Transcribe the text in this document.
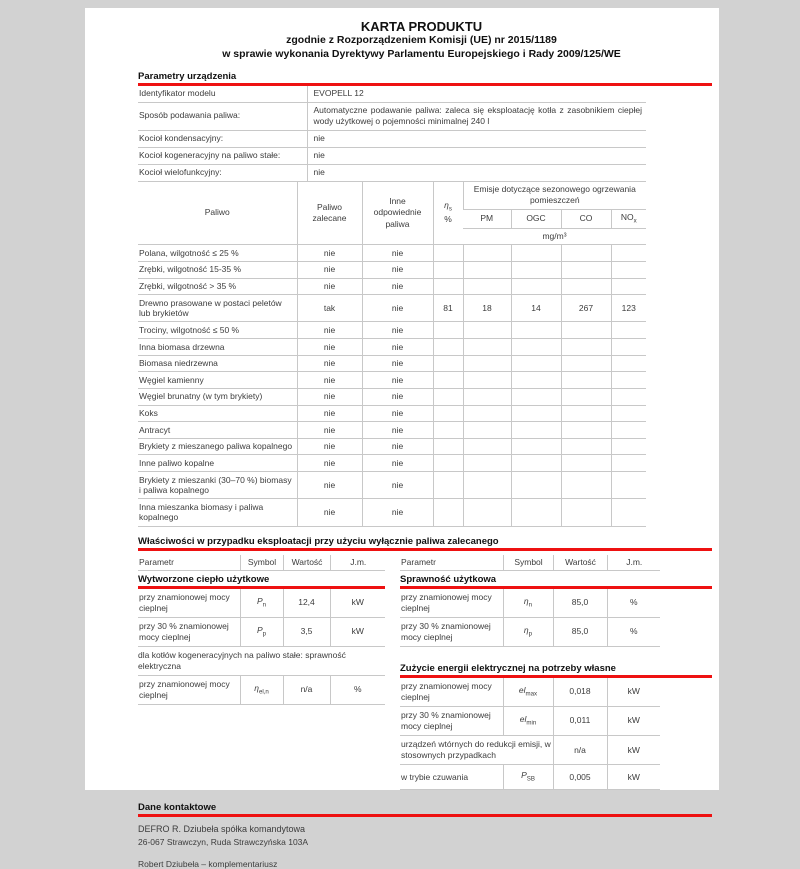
KARTA PRODUKTU
zgodnie z Rozporządzeniem Komisji (UE) nr 2015/1189
w sprawie wykonania Dyrektywy Parlamentu Europejskiego i Rady 2009/125/WE
Parametry urządzenia
Identyfikator modelu	EVOPELL 12
Sposób podawania paliwa:	Automatyczne podawanie paliwa: zaleca się eksploatację kotła z zasobnikiem ciepłej wody użytkowej o pojemności minimalnej 240 l
Kocioł kondensacyjny:	nie
Kocioł kogeneracyjny na paliwo stałe:	nie
Kocioł wielofunkcyjny:	nie
Paliwo	Paliwo zalecane	Inne odpowiednie paliwa	$\eta_s$
%	Emisje dotyczące sezonowego ogrzewania pomieszczeń			
				PM	OGC	CO	$NO_x$
				mg/m³			
Polana, wilgotność ≤ 25 %	nie	nie					
Zrębki, wilgotność 15-35 %	nie	nie					
Zrębki, wilgotność > 35 %	nie	nie					
Drewno prasowane w postaci peletów lub brykietów	tak	nie	81	18	14	267	123
Trociny, wilgotność ≤ 50 %	nie	nie					
Inna biomasa drzewna	nie	nie					
Biomasa niedrzewna	nie	nie					
Węgiel kamienny	nie	nie					
Węgiel brunatny (w tym brykiety)	nie	nie					
Koks	nie	nie					
Antracyt	nie	nie					
Brykiety z mieszanego paliwa kopalnego	nie	nie					
Inne paliwo kopalne	nie	nie					
Brykiety z mieszanki (30–70 %) biomasy i paliwa kopalnego	nie	nie					
Inna mieszanka biomasy i paliwa kopalnego	nie	nie					
Właściwości w przypadku eksploatacji przy użyciu wyłącznie paliwa zalecanego
Parametr	Symbol	Wartość	J.m.
Wytworzone ciepło użytkowe
przy znamionowej mocy cieplnej	$P_n$	12,4	kW
przy 30 % znamionowej mocy cieplnej	$P_p$	3,5	kW
dla kotłów kogeneracyjnych na paliwo stałe: sprawność elektryczna			
przy znamionowej mocy cieplnej	$\eta_{el,n}$	n/a	%
Parametr	Symbol	Wartość	J.m.
Sprawność użytkowa
przy znamionowej mocy cieplnej	$\eta_n$	85,0	%
przy 30 % znamionowej mocy cieplnej	$\eta_p$	85,0	%
Zużycie energii elektrycznej na potrzeby własne
przy znamionowej mocy cieplnej	$el_{max}$	0,018	kW
przy 30 % znamionowej mocy cieplnej	$el_{min}$	0,011	kW
urządzeń wtórnych do redukcji emisji, w stosownych przypadkach		n/a	kW
w trybie czuwania	$P_{SB}$	0,005	kW
Dane kontaktowe
DEFRO R. Dziubeła spółka komandytowa
26-067 Strawczyn, Ruda Strawczyńska 103A
Robert Dziubeła – komplementariusz
